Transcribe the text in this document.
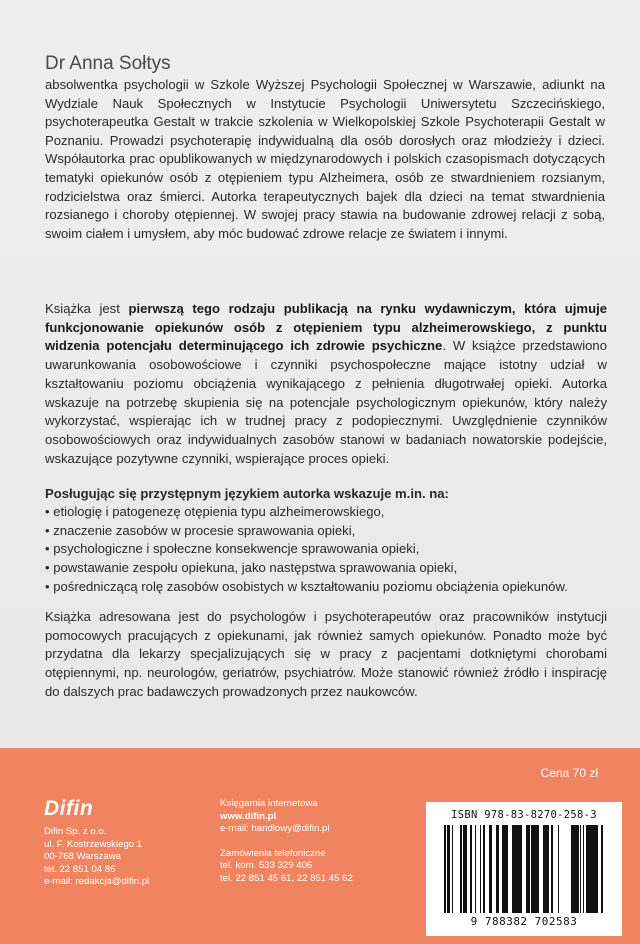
Dr Anna Sołtys

absolwentka psychologii w Szkole Wyższej Psychologii Społecznej w Warszawie, adiunkt na Wydziale Nauk Społecznych w Instytucie Psychologii Uniwersytetu Szczecińskiego, psychoterapeutka Gestalt w trakcie szkolenia w Wielkopolskiej Szkole Psychoterapii Gestalt w Poznaniu. Prowadzi psychoterapię indywidualną dla osób dorosłych oraz młodzieży i dzieci. Współautorka prac opublikowanych w międzynarodowych i polskich czasopismach dotyczących tematyki opiekunów osób z otępieniem typu Alzheimera, osób ze stwardnieniem rozsianym, rodzicielstwa oraz śmierci. Autorka terapeutycznych bajek dla dzieci na temat stwardnienia rozsianego i choroby otępiennej. W swojej pracy stawia na budowanie zdrowej relacji z sobą, swoim ciałem i umysłem, aby móc budować zdrowe relacje ze światem i innymi.

Książka jest pierwszą tego rodzaju publikacją na rynku wydawniczym, która ujmuje funkcjonowanie opiekunów osób z otępieniem typu alzheimerowskiego, z punktu widzenia potencjału determinującego ich zdrowie psychiczne. W książce przedstawiono uwarunkowania osobowościowe i czynniki psychospołeczne mające istotny udział w kształtowaniu poziomu obciążenia wynikającego z pełnienia długotrwałej opieki. Autorka wskazuje na potrzebę skupienia się na potencjale psychologicznym opiekunów, który należy wykorzystać, wspierając ich w trudnej pracy z podopiecznymi. Uwzględnienie czynników osobowościowych oraz indywidualnych zasobów stanowi w badaniach nowatorskie podejście, wskazujące pozytywne czynniki, wspierające proces opieki.

Posługując się przystępnym językiem autorka wskazuje m.in. na:

• etiologię i patogenezę otępienia typu alzheimerowskiego,
• znaczenie zasobów w procesie sprawowania opieki,
• psychologiczne i społeczne konsekwencje sprawowania opieki,
• powstawanie zespołu opiekuna, jako następstwa sprawowania opieki,
• pośredniczącą rolę zasobów osobistych w kształtowaniu poziomu obciążenia opiekunów.

Książka adresowana jest do psychologów i psychoterapeutów oraz pracowników instytucji pomocowych pracujących z opiekunami, jak również samych opiekunów. Ponadto może być przydatna dla lekarzy specjalizujących się w pracy z pacjentami dotkniętymi chorobami otępiennymi, np. neurologów, geriatrów, psychiatrów. Może stanowić również źródło i inspirację do dalszych prac badawczych prowadzonych przez naukowców.

Cena 70 zł
Difin
Difin Sp. z o.o.
ul. F. Kostrzewskiego 1
00-768 Warszawa
tel. 22 851 04 86
e-mail: redakcja@difin.pl
Księgarnia internetowa
www.difin.pl
e-mail: handlowy@difin.pl
Zamówienia telefoniczne
tel. kom. 533 329 406
tel. 22 851 45 61, 22 851 45 62
ISBN 978-83-8270-258-3
9 788382 702583
